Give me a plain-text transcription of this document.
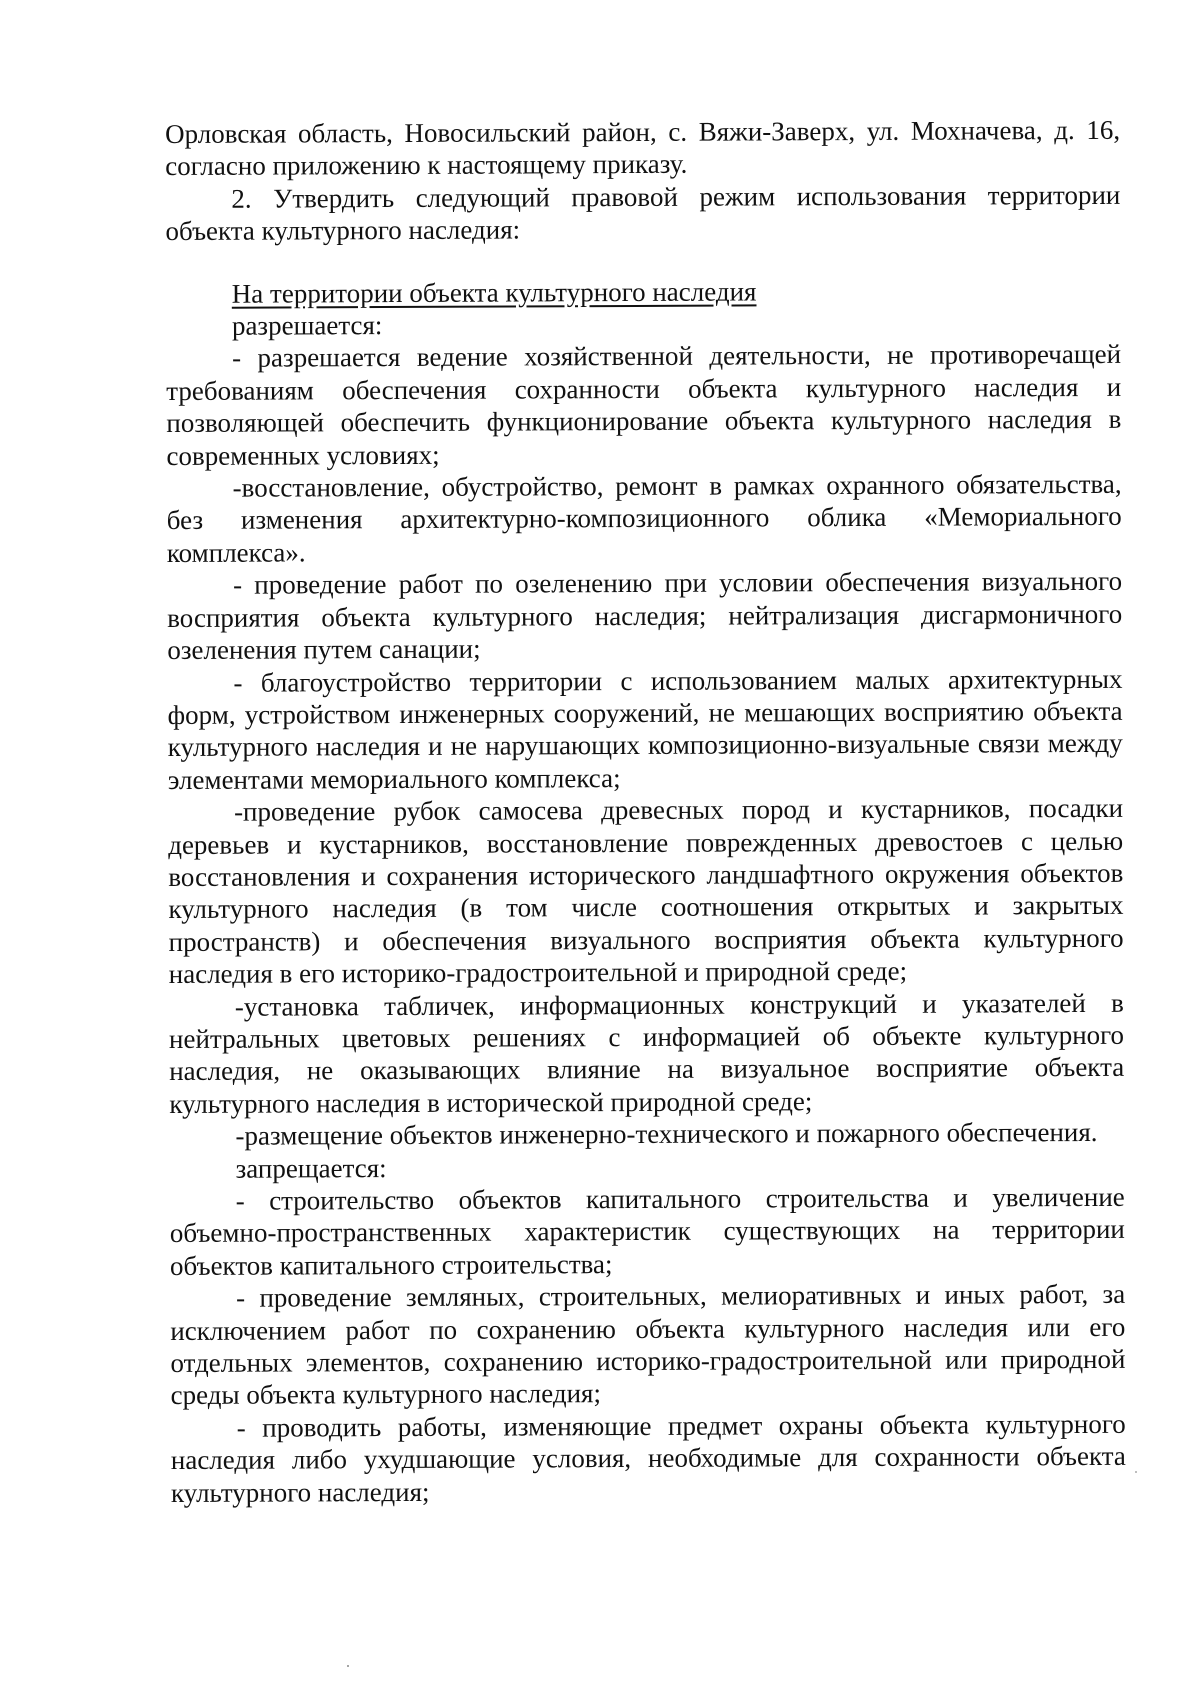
Орловская область, Новосильский район, с. Вяжи-Заверх, ул. Мохначева, д. 16, согласно приложению к настоящему приказу.

2. Утвердить следующий правовой режим использования территории объекта культурного наследия:

На территории объекта культурного наследия

разрешается:

- разрешается ведение хозяйственной деятельности, не противоречащей требованиям обеспечения сохранности объекта культурного наследия и позволяющей обеспечить функционирование объекта культурного наследия в современных условиях;

-восстановление, обустройство, ремонт в рамках охранного обязательства, без изменения архитектурно-композиционного облика «Мемориального комплекса».

- проведение работ по озеленению при условии обеспечения визуального восприятия объекта культурного наследия; нейтрализация дисгармоничного озеленения путем санации;

- благоустройство территории с использованием малых архитектурных форм, устройством инженерных сооружений, не мешающих восприятию объекта культурного наследия и не нарушающих композиционно-визуальные связи между элементами мемориального комплекса;

-проведение рубок самосева древесных пород и кустарников, посадки деревьев и кустарников, восстановление поврежденных древостоев с целью восстановления и сохранения исторического ландшафтного окружения объектов культурного наследия (в том числе соотношения открытых и закрытых пространств) и обеспечения визуального восприятия объекта культурного наследия в его историко-градостроительной и природной среде;

-установка табличек, информационных конструкций и указателей в нейтральных цветовых решениях с информацией об объекте культурного наследия, не оказывающих влияние на визуальное восприятие объекта культурного наследия в исторической природной среде;

-размещение объектов инженерно-технического и пожарного обеспечения.

запрещается:

- строительство объектов капитального строительства и увеличение объемно-пространственных характеристик существующих на территории объектов капитального строительства;

- проведение земляных, строительных, мелиоративных и иных работ, за исключением работ по сохранению объекта культурного наследия или его отдельных элементов, сохранению историко-градостроительной или природной среды объекта культурного наследия;

- проводить работы, изменяющие предмет охраны объекта культурного наследия либо ухудшающие условия, необходимые для сохранности объекта культурного наследия;
